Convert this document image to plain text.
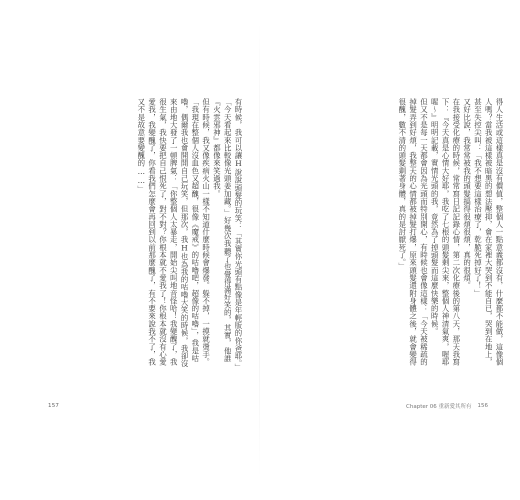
有時候，我可以讓H說說頭髮的玩笑：「其實你光頭有點像是年輕版的你爸耶。」「今天看起來比較像光頭姜加藏。」好幾次我聽了也覺得滿好笑的，其實，他誰『火雲邪神』都像來笑過我。

但有時候，我又像疾病火山一樣不知道什麼時候會爆發。躲不掉，一摸就燙手。

「我現在整個人沒血色又超醜，很像《魔戒》的咕嚕吧，超像的咕嚕」，我是咕嚕，偶爾我也會開開自己玩笑，但那次，我H也為我的咕嚕大笑的時候，我卻沒來由地大發了一頓脾氣：「你整個人太暴走，開始尖叫地音怪哈！我變醜了，我很生氣，我快要把自己恨死了，對不對？你根本就不愛我了！你根本就沒有心愛愛我，我變醜了，你看我們怎麼會再回到以前那麼醜了，有不要來說我不了，我又不是故意要變醜的……」

157

得人生活或這樣真是沒有價值，整個人一點意義都沒有，什麼都不能做，這像個人嗎？當我被這樣被暗黑的想法壓抑，會在家裡大哭到不能自已，哭到在地上，甚至失控尖叫：「我不想要這樣治療了，乾脆死掉好了！」

又好比說，我常常被我的頭髮搞得很煩很煩，真的很煩。

在我接受化療的時候，常常寫日記記錄心情，第二次化療後的第八天，那天我寫下：『今天真是心情大好耶，我吃了七根的頭髮剩尖來，整個人神清氣爽，喔耶喔～』明明記載，實情光頭的我，竟然為了掉頭髮而這麼快樂的時候。

但又不是每一天都會因為光頭而特別開心，有時候也會像這樣：「今天被稀疏的掉髮弄到好煩，我整天的心情都被掉髮打爆，原來頭髮還附身體之後，就會變得很醜，數不清的頭髮剩著身體，真的是討厭死了。」

Chapter 06 重新愛其所有 156
